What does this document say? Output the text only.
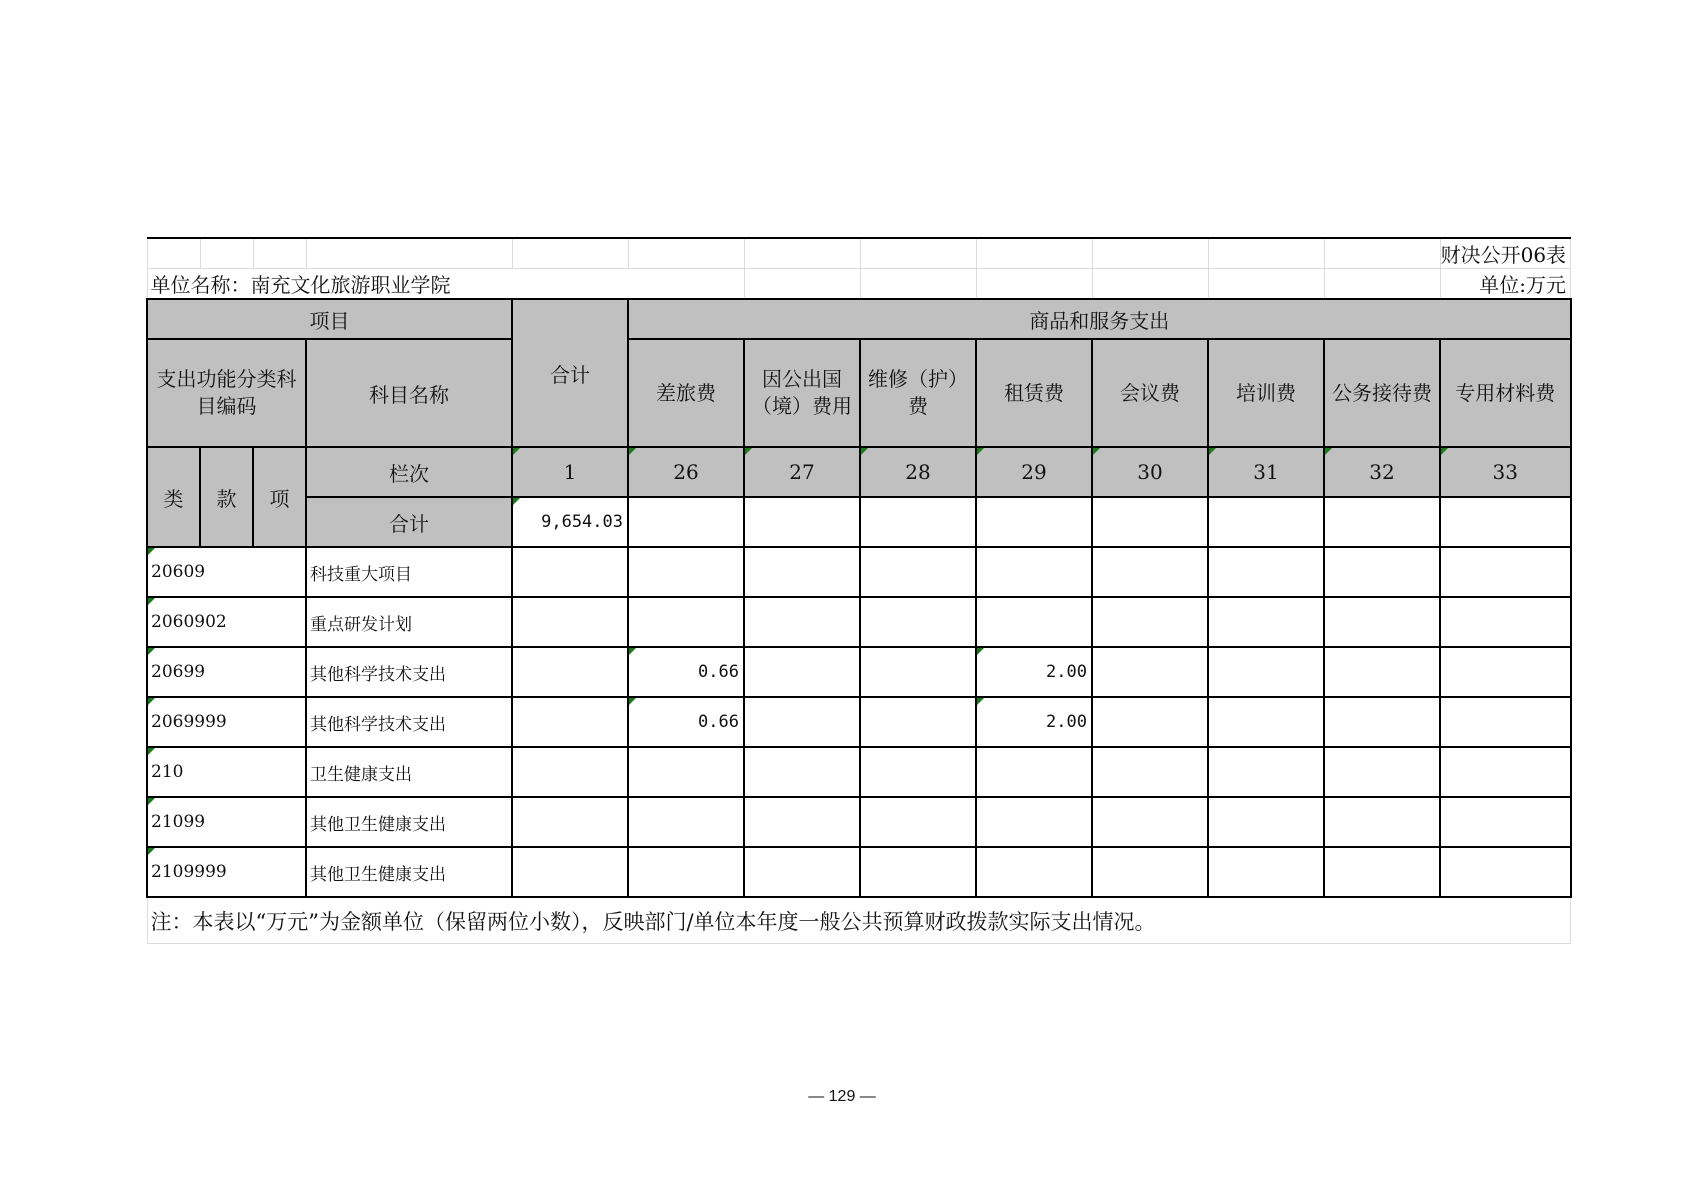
												财决公开06表
单位名称：南充文化旅游职业学院												单位:万元
项目				合计	商品和服务支出							
支出功能分类科目编码			科目名称		差旅费	因公出国（境）费用	维修（护）费	租赁费	会议费	培训费	公务接待费	专用材料费
类	款	项	栏次	1	26	27	28	29	30	31	32	33
			合计	9,654.03								
20609			科技重大项目									
2060902			重点研发计划									
20699			其他科学技术支出		0.66			2.00				
2069999			其他科学技术支出		0.66			2.00				
210			卫生健康支出									
21099			其他卫生健康支出									
2109999			其他卫生健康支出									
注：本表以“万元”为金额单位（保留两位小数），反映部门/单位本年度一般公共预算财政拨款实际支出情况。												
— 129 —
